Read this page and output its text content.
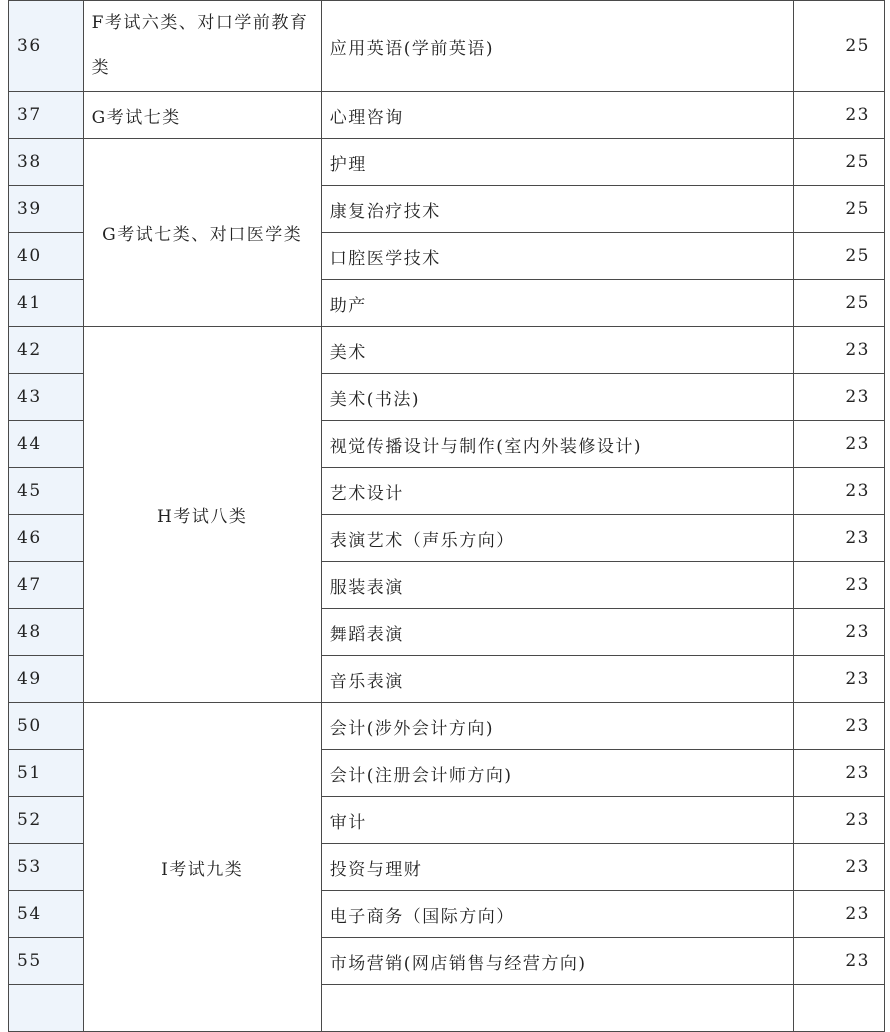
36	F考试六类、对口学前教育类	应用英语(学前英语)	25
37	G考试七类	心理咨询	23
38	G考试七类、对口医学类	护理	25
39		康复治疗技术	25
40		口腔医学技术	25
41		助产	25
42	H考试八类	美术	23
43		美术(书法)	23
44		视觉传播设计与制作(室内外装修设计)	23
45		艺术设计	23
46		表演艺术（声乐方向）	23
47		服装表演	23
48		舞蹈表演	23
49		音乐表演	23
50	I考试九类	会计(涉外会计方向)	23
51		会计(注册会计师方向)	23
52		审计	23
53		投资与理财	23
54		电子商务（国际方向）	23
55		市场营销(网店销售与经营方向)	23
